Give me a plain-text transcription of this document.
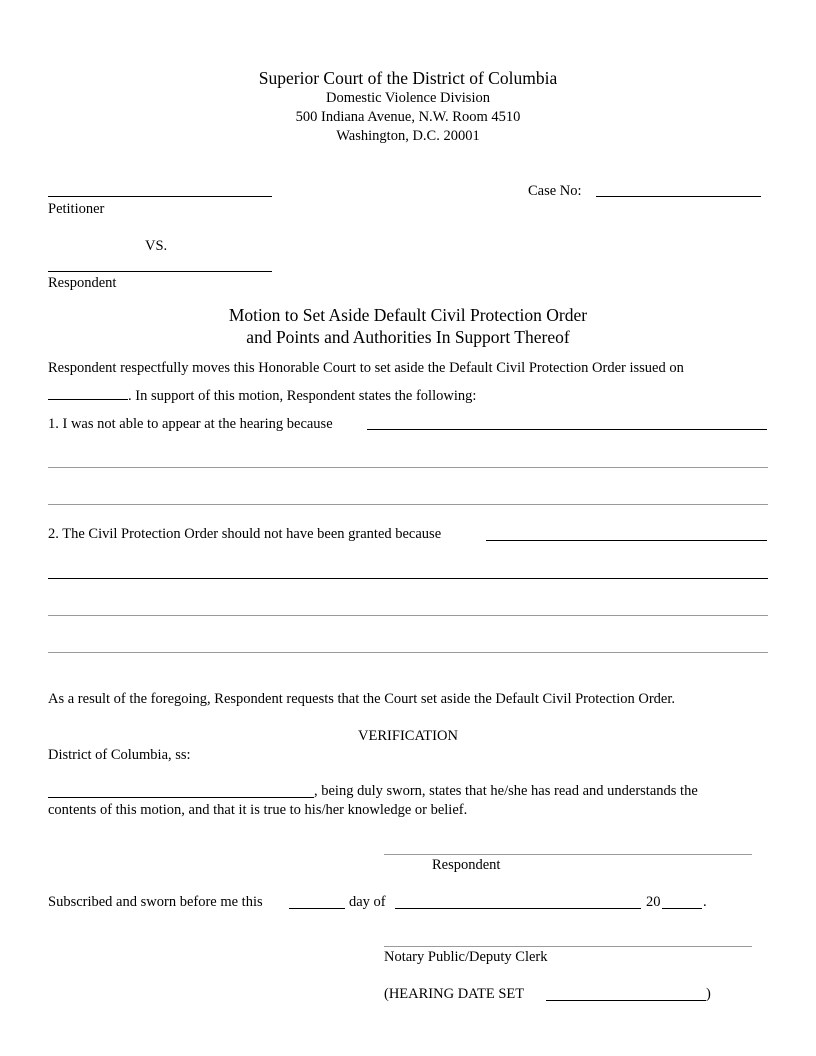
Superior Court of the District of Columbia
Domestic Violence Division
500 Indiana Avenue, N.W. Room 4510
Washington, D.C. 20001
Petitioner
Case No:
VS.
Respondent
Motion to Set Aside Default Civil Protection Order
and Points and Authorities In Support Thereof
Respondent respectfully moves this Honorable Court to set aside the Default Civil Protection Order issued on
. In support of this motion, Respondent states the following:
1. I was not able to appear at the hearing because
2. The Civil Protection Order should not have been granted because
As a result of the foregoing, Respondent requests that the Court set aside the Default Civil Protection Order.
VERIFICATION
District of Columbia, ss:
, being duly sworn, states that he/she has read and understands the
contents of this motion, and that it is true to his/her knowledge or belief.
Respondent
Subscribed and sworn before me this	day of	20	.
Notary Public/Deputy Clerk
(HEARING DATE SET	)
